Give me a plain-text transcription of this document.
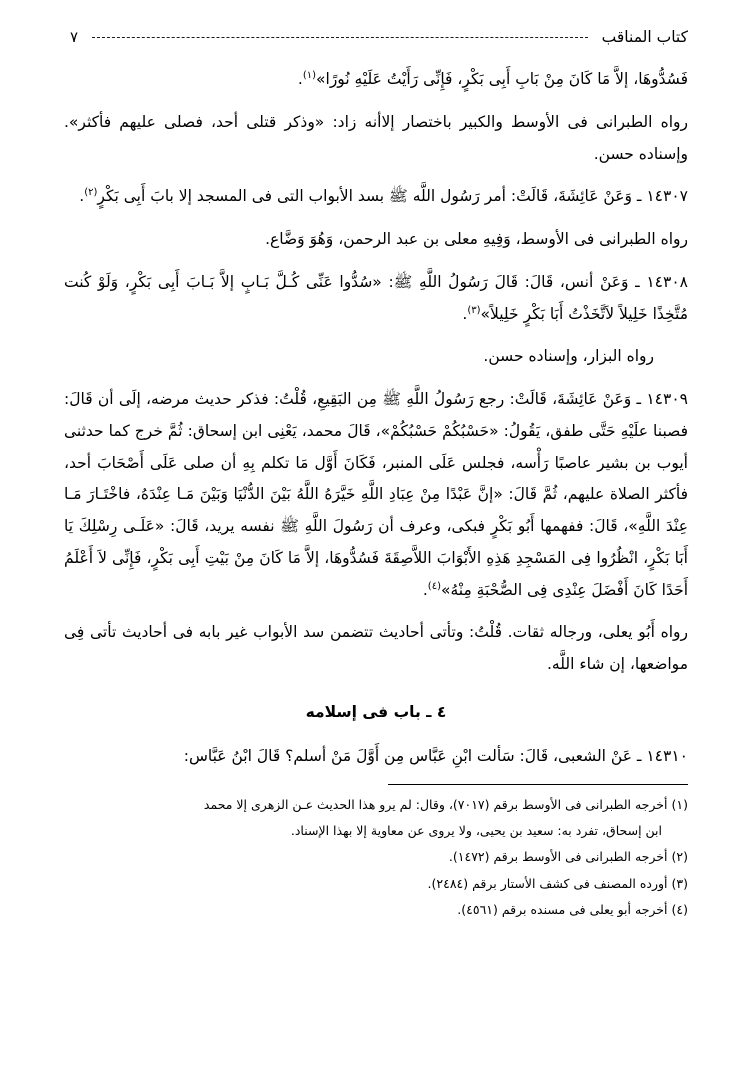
كتاب المناقب
٧

فَسُدُّوهَا، إلاَّ مَا كَانَ مِنْ بَابِ أَبِى بَكْرٍ، فَإِنِّى رَأَيْتُ عَلَيْهِ نُورًا»$^{(١)}$.

رواه الطبرانى فى الأوسط والكبير باختصار إلاأنه زاد: «وذكر قتلى أحد، فصلى عليهم فأكثر». وإسناده حسن.

١٤٣٠٧ ـ وَعَنْ عَائِشَةَ، قَالَتْ: أمر رَسُول اللَّه ﷺ بسد الأبواب التى فى المسجد إلا بابَ أَبِى بَكْرٍ$^{(٢)}$.

رواه الطبرانى فى الأوسط، وَفِيهِ معلى بن عبد الرحمن، وَهُوَ وَضَّاع.

١٤٣٠٨ ـ وَعَنْ أنس، قَالَ: قَالَ رَسُولُ اللَّهِ ﷺ: «سُدُّوا عَنِّى كُـلَّ بَـابٍ إلاَّ بَـابَ أَبِى بَكْرٍ، وَلَوْ كُنت مُتَّخِذًا خَلِيلاً لاَتَّخَذْتُ أَبَا بَكْرٍ خَلِيلاً»$^{(٣)}$.

رواه البزار، وإسناده حسن.

١٤٣٠٩ ـ وَعَنْ عَائِشَةَ، قَالَتْ: رجع رَسُولُ اللَّهِ ﷺ مِن البَقِيعِ، قُلْتُ: فذكر حديث مرضه، إلَى أن قَالَ: فصبنا علَيْهِ حَتَّى طفق، يَقُولُ: «حَسْبُكُمْ حَسْبُكُمْ»، قَالَ محمد، يَعْنِى ابن إسحاق: ثُمَّ خرج كما حدثنى أيوب بن بشير عاصبًا رَأْسه، فجلس عَلَى المنبر، فَكَانَ أَوَّل مَا تكلم بِهِ أن صلى عَلَى أَصْحَابَ أحد، فأكثر الصلاة عليهم، ثُمَّ قَالَ: «إنَّ عَبْدًا مِنْ عِبَادِ اللَّهِ خَيَّرَهُ اللَّهُ بَيْنَ الدُّنْيَا وَبَيْنَ مَـا عِنْدَهُ، فاخْتَـارَ مَـا عِنْدَ اللَّهِ»، قَالَ: ففهمها أَبُو بَكْرٍ فبكى، وعرف أن رَسُولَ اللَّهِ ﷺ نفسه يريد، قَالَ: «عَلَـى رِسْلِكَ يَا أَبَا بَكْرٍ، انْظُرُوا فِى المَسْجِدِ هَذِهِ الأَبْوَابَ اللاَّصِقَةَ فَسُدُّوهَا، إلاَّ مَا كَانَ مِنْ بَيْتِ أَبِى بَكْرٍ، فَإِنِّى لاَ أَعْلَمُ أَحَدًا كَانَ أَفْضَلَ عِنْدِى فِى الصُّحْبَةِ مِنْهُ»$^{(٤)}$.

رواه أَبُو يعلى، ورجاله ثقات. قُلْتُ: وتأتى أحاديث تتضمن سد الأبواب غير بابه فى أحاديث تأتى فِى مواضعها، إن شاء اللَّه.

٤ ـ باب فى إسلامه

١٤٣١٠ ـ عَنْ الشعبى، قَالَ: سَألت ابْنِ عَبَّاس مِن أَوَّلَ مَنْ أسلم؟ قَالَ ابْنُ عَبَّاس:

(١) أخرجه الطبرانى فى الأوسط برقم (٧٠١٧)، وقال: لم يرو هذا الحديث عـن الزهرى إلا محمد

ابن إسحاق، تفرد به: سعيد بن يحيى، ولا يروى عن معاوية إلا بهذا الإسناد.

(٢) أخرجه الطبرانى فى الأوسط برقم (١٤٧٢).

(٣) أورده المصنف فى كشف الأستار برقم (٢٤٨٤).

(٤) أخرجه أبو يعلى فى مسنده برقم (٤٥٦١).
